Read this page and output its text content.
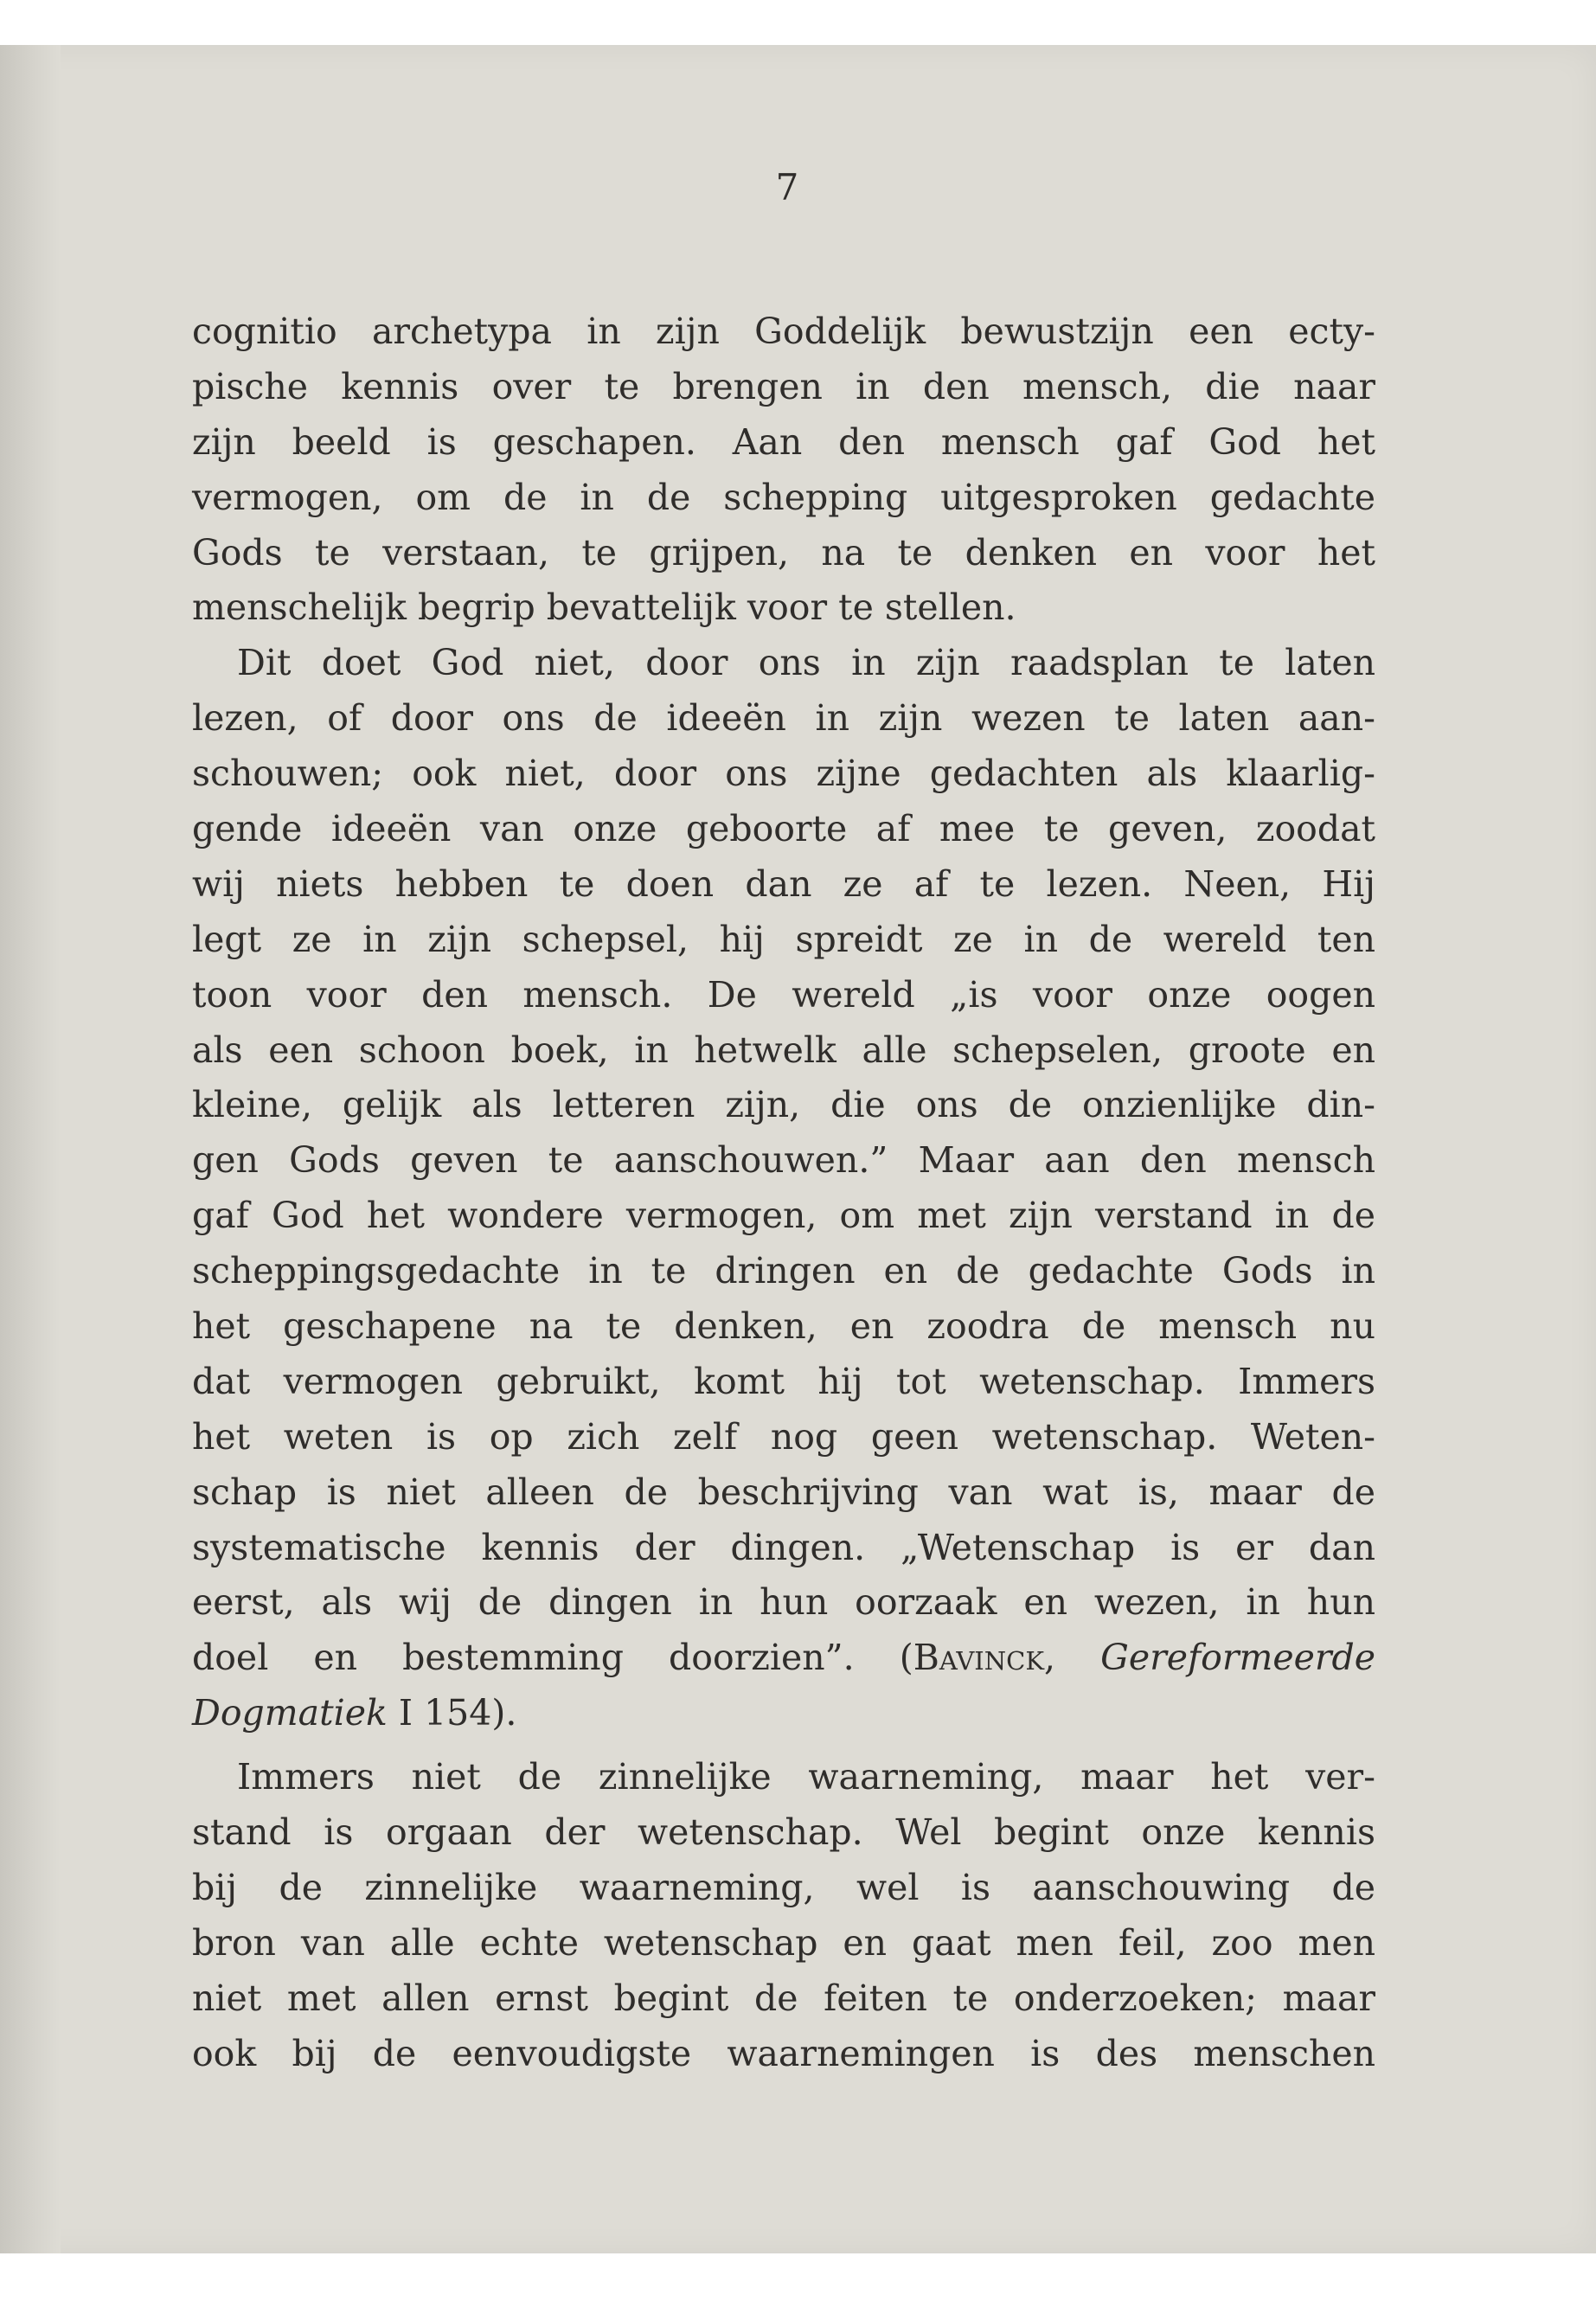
7
cognitio archetypa in zijn Goddelijk bewustzijn een ecty-
pische kennis over te brengen in den mensch, die naar
zijn beeld is geschapen. Aan den mensch gaf God het
vermogen, om de in de schepping uitgesproken gedachte
Gods te verstaan, te grijpen, na te denken en voor het
menschelijk begrip bevattelijk voor te stellen.
Dit doet God niet, door ons in zijn raadsplan te laten
lezen, of door ons de ideeën in zijn wezen te laten aan-
schouwen; ook niet, door ons zijne gedachten als klaarlig-
gende ideeën van onze geboorte af mee te geven, zoodat
wij niets hebben te doen dan ze af te lezen. Neen, Hij
legt ze in zijn schepsel, hij spreidt ze in de wereld ten
toon voor den mensch. De wereld „is voor onze oogen
als een schoon boek, in hetwelk alle schepselen, groote en
kleine, gelijk als letteren zijn, die ons de onzienlijke din-
gen Gods geven te aanschouwen.” Maar aan den mensch
gaf God het wondere vermogen, om met zijn verstand in de
scheppingsgedachte in te dringen en de gedachte Gods in
het geschapene na te denken, en zoodra de mensch nu
dat vermogen gebruikt, komt hij tot wetenschap. Immers
het weten is op zich zelf nog geen wetenschap. Weten-
schap is niet alleen de beschrijving van wat is, maar de
systematische kennis der dingen. „Wetenschap is er dan
eerst, als wij de dingen in hun oorzaak en wezen, in hun
doel en bestemming doorzien”. (Bavinck, Gereformeerde
Dogmatiek I 154).
Immers niet de zinnelijke waarneming, maar het ver-
stand is orgaan der wetenschap. Wel begint onze kennis
bij de zinnelijke waarneming, wel is aanschouwing de
bron van alle echte wetenschap en gaat men feil, zoo men
niet met allen ernst begint de feiten te onderzoeken; maar
ook bij de eenvoudigste waarnemingen is des menschen
